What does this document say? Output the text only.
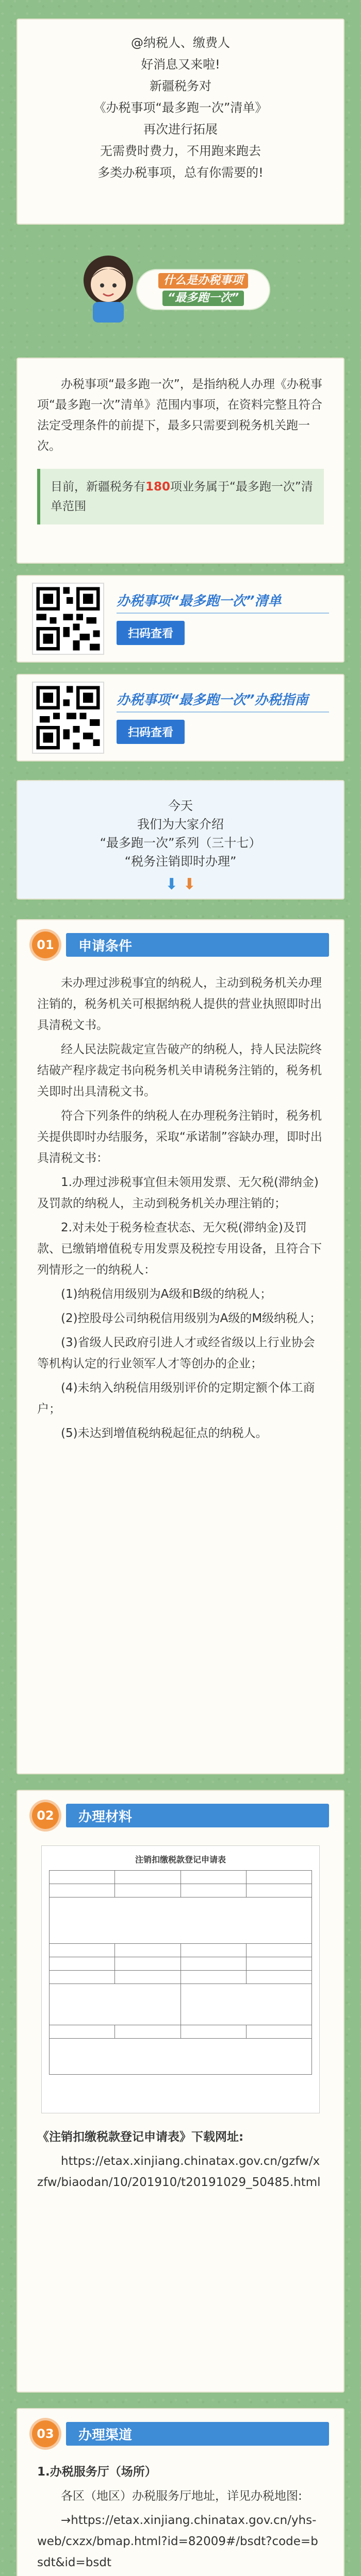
@纳税人、缴费人

好消息又来啦!

新疆税务对

《办税事项“最多跑一次”清单》

再次进行拓展

无需费时费力，不用跑来跑去

多类办税事项，总有你需要的!

什么是办税事项
“最多跑一次”

办税事项“最多跑一次”，是指纳税人办理《办税事项“最多跑一次”清单》范围内事项，在资料完整且符合法定受理条件的前提下，最多只需要到税务机关跑一次。

目前，新疆税务有180项业务属于“最多跑一次”清单范围
办税事项“最多跑一次”清单
扫码查看
办税事项“最多跑一次”办税指南
扫码查看

今天

我们为大家介绍

“最多跑一次”系列（三十七）

“税务注销即时办理”

⬇ ⬇
01	申请条件

未办理过涉税事宜的纳税人，主动到税务机关办理注销的，税务机关可根据纳税人提供的营业执照即时出具清税文书。

经人民法院裁定宣告破产的纳税人，持人民法院终结破产程序裁定书向税务机关申请税务注销的，税务机关即时出具清税文书。

符合下列条件的纳税人在办理税务注销时，税务机关提供即时办结服务，采取“承诺制”容缺办理，即时出具清税文书：

1.办理过涉税事宜但未领用发票、无欠税(滞纳金)及罚款的纳税人，主动到税务机关办理注销的；

2.对未处于税务检查状态、无欠税(滞纳金)及罚款、已缴销增值税专用发票及税控专用设备，且符合下列情形之一的纳税人：

(1)纳税信用级别为A级和B级的纳税人；

(2)控股母公司纳税信用级别为A级的M级纳税人；

(3)省级人民政府引进人才或经省级以上行业协会等机构认定的行业领军人才等创办的企业；

(4)未纳入纳税信用级别评价的定期定额个体工商户；

(5)未达到增值税纳税起征点的纳税人。

02	办理材料
注销扣缴税款登记申请表

《注销扣缴税款登记申请表》下载网址:

https://etax.xinjiang.chinatax.gov.cn/gzfw/xzfw/biaodan/10/201910/t20191029_50485.html

03	办理渠道

1.办税服务厅（场所）

各区（地区）办税服务厅地址，详见办税地图:

→https://etax.xinjiang.chinatax.gov.cn/yhs-web/cxzx/bmap.html?id=82009#/bsdt?code=bsdt&id=bsdt
